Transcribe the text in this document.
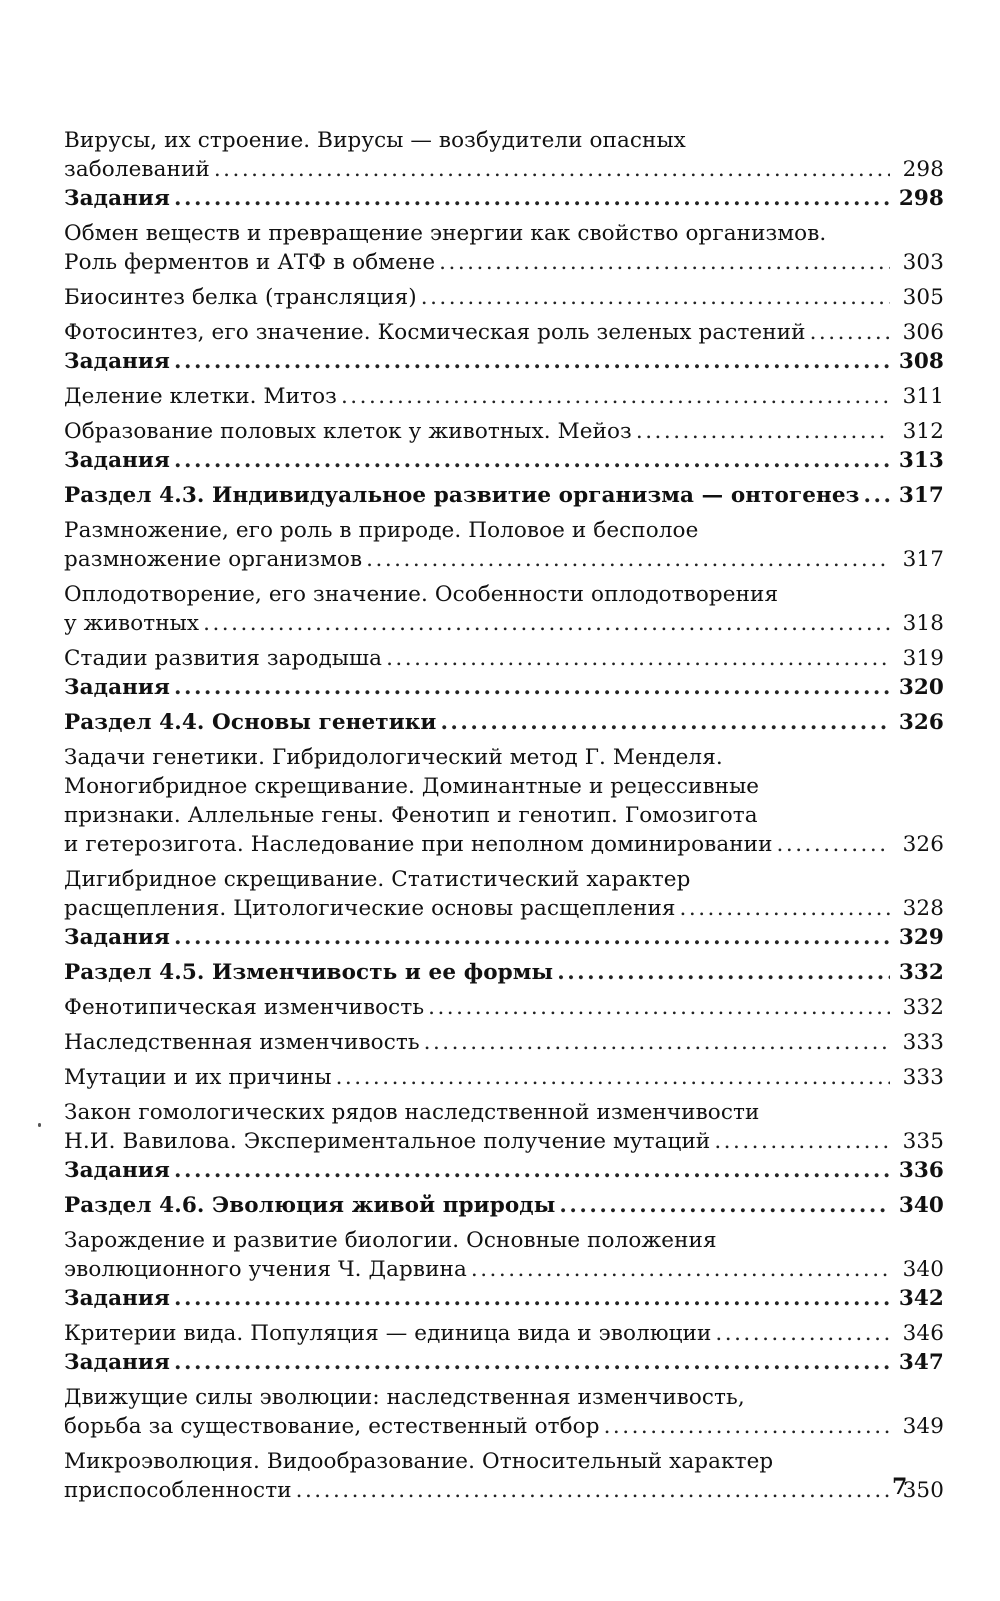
Вирусы, их строение. Вирусы — возбудители опасных
заболеваний .....	298
Задания .....	298
Обмен веществ и превращение энергии как свойство организмов.
Роль ферментов и АТФ в обмене .....	303
Биосинтез белка (трансляция) .....	305
Фотосинтез, его значение. Космическая роль зеленых растений .....	306
Задания .....	308
Деление клетки. Митоз .....	311
Образование половых клеток у животных. Мейоз .....	312
Задания .....	313
Раздел 4.3. Индивидуальное развитие организма — онтогенез ..... 317
Размножение, его роль в природе. Половое и бесполое
размножение организмов .....	317
Оплодотворение, его значение. Особенности оплодотворения
у животных .....	318
Стадии развития зародыша .....	319
Задания .....	320
Раздел 4.4. Основы генетики .....	326
Задачи генетики. Гибридологический метод Г. Менделя.
Моногибридное скрещивание. Доминантные и рецессивные
признаки. Аллельные гены. Фенотип и генотип. Гомозигота
и гетерозигота. Наследование при неполном доминировании .....	326
Дигибридное скрещивание. Статистический характер
расщепления. Цитологические основы расщепления .....	328
Задания .....	329
Раздел 4.5. Изменчивость и ее формы .....	332
Фенотипическая изменчивость .....	332
Наследственная изменчивость .....	333
Мутации и их причины .....	333
Закон гомологических рядов наследственной изменчивости
Н.И. Вавилова. Экспериментальное получение мутаций .....	335
Задания .....	336
Раздел 4.6. Эволюция живой природы .....	340
Зарождение и развитие биологии. Основные положения
эволюционного учения Ч. Дарвина .....	340
Задания .....	342
Критерии вида. Популяция — единица вида и эволюции .....	346
Задания .....	347
Движущие силы эволюции: наследственная изменчивость,
борьба за существование, естественный отбор .....	349
Микроэволюция. Видообразование. Относительный характер
приспособленности .....	350
7
